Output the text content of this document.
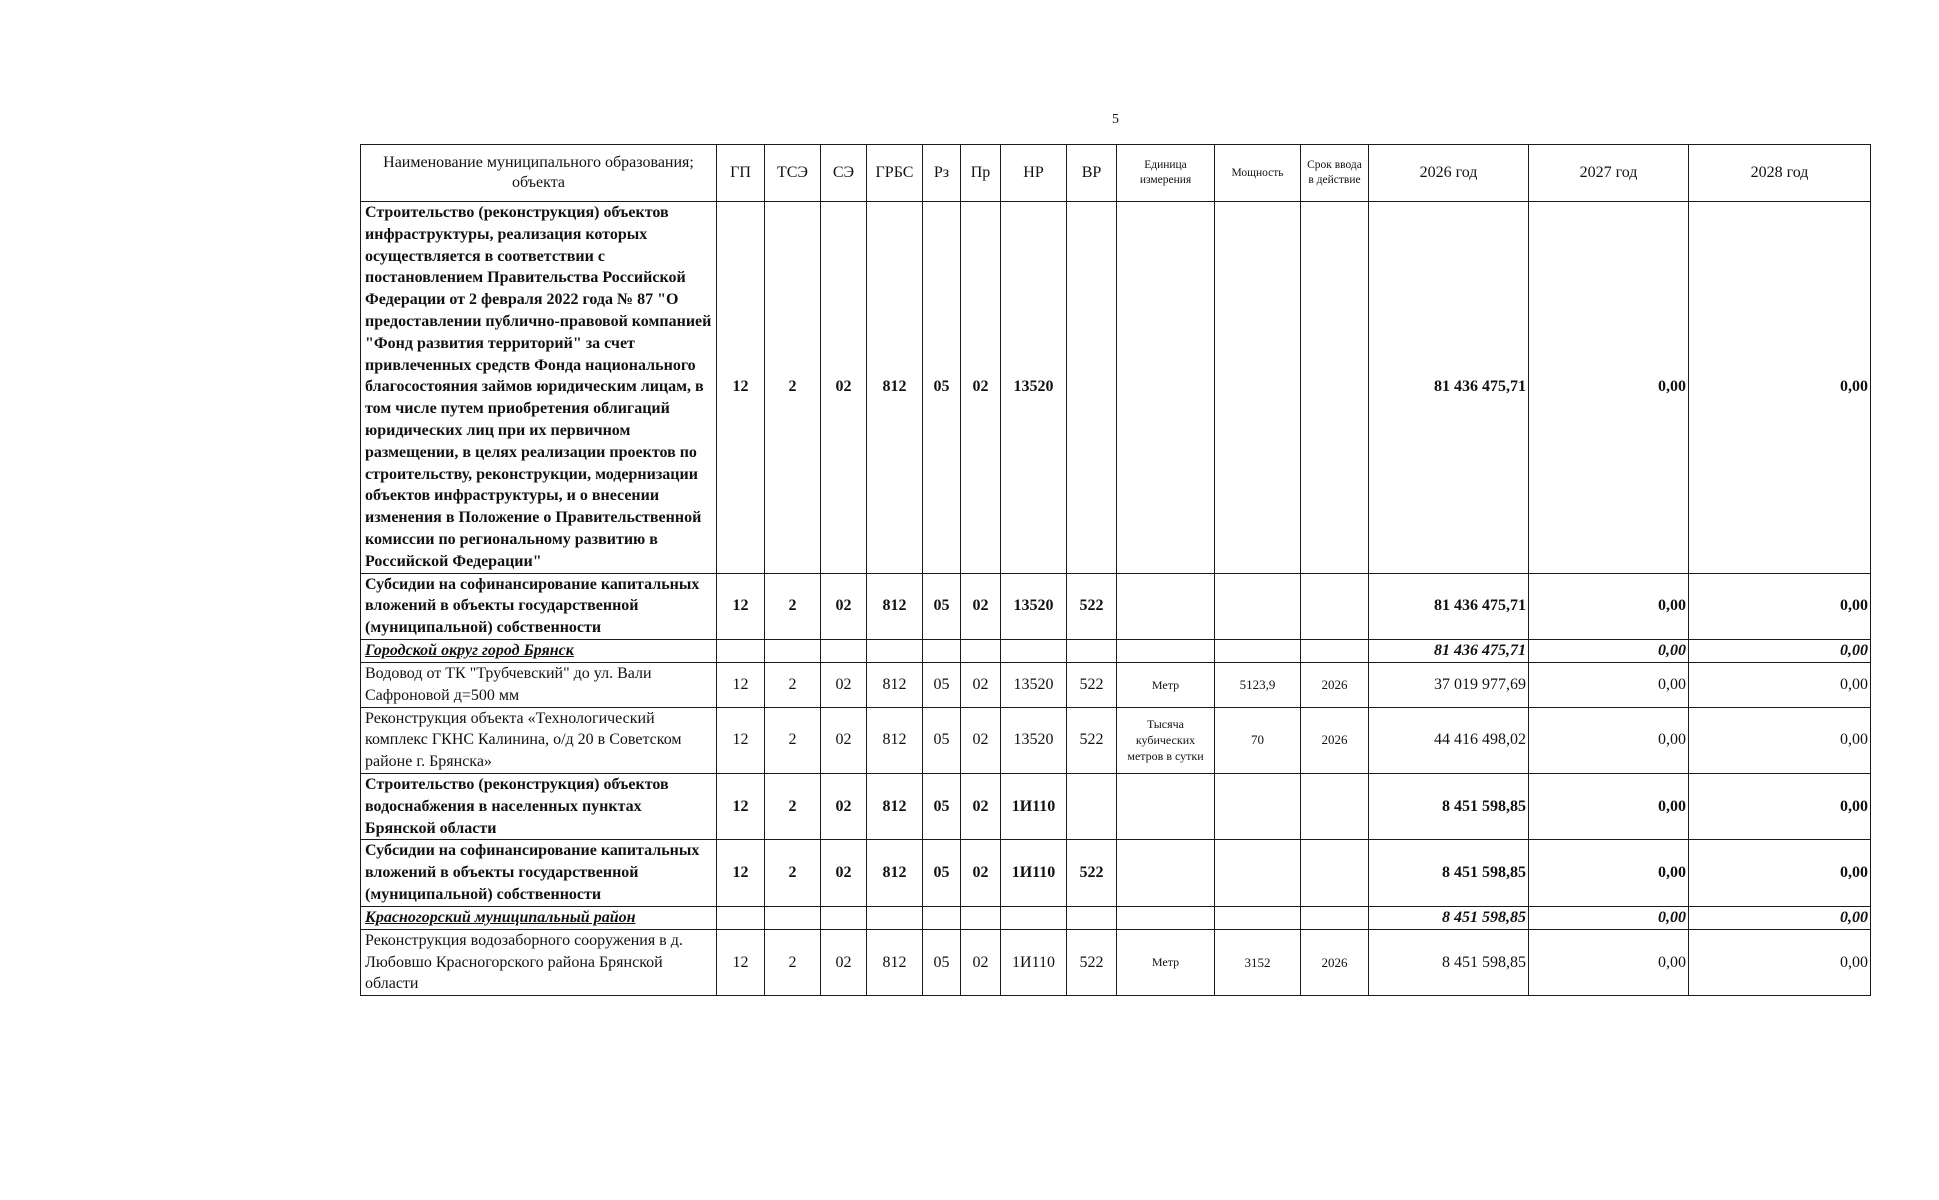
5
Наименование муниципального образования; объекта	ГП	ТСЭ	СЭ	ГРБС	Рз	Пр	НР	ВР	Единица измерения	Мощность	Срок ввода в действие	2026 год	2027 год	2028 год
Строительство (реконструкция) объектов инфраструктуры, реализация которых осуществляется в соответствии с постановлением Правительства Российской Федерации от 2 февраля 2022 года № 87 "О предоставлении публично-правовой компанией "Фонд развития территорий" за счет привлеченных средств Фонда национального благосостояния займов юридическим лицам, в том числе путем приобретения облигаций юридических лиц при их первичном размещении, в целях реализации проектов по строительству, реконструкции, модернизации объектов инфраструктуры, и о внесении изменения в Положение о Правительственной комиссии по региональному развитию в Российской Федерации"	12	2	02	812	05	02	13520					81 436 475,71	0,00	0,00
Субсидии на софинансирование капитальных вложений в объекты государственной (муниципальной) собственности	12	2	02	812	05	02	13520	522				81 436 475,71	0,00	0,00
Городской округ город Брянск												81 436 475,71	0,00	0,00
Водовод от ТК "Трубчевский" до ул. Вали Сафроновой д=500 мм	12	2	02	812	05	02	13520	522	Метр	5123,9	2026	37 019 977,69	0,00	0,00
Реконструкция объекта «Технологический комплекс ГКНС Калинина, о/д 20 в Советском районе г. Брянска»	12	2	02	812	05	02	13520	522	Тысяча кубических метров в сутки	70	2026	44 416 498,02	0,00	0,00
Строительство (реконструкция) объектов водоснабжения в населенных пунктах Брянской области	12	2	02	812	05	02	1И110					8 451 598,85	0,00	0,00
Субсидии на софинансирование капитальных вложений в объекты государственной (муниципальной) собственности	12	2	02	812	05	02	1И110	522				8 451 598,85	0,00	0,00
Красногорский муниципальный район												8 451 598,85	0,00	0,00
Реконструкция водозаборного сооружения в д. Любовшо Красногорского района Брянской области	12	2	02	812	05	02	1И110	522	Метр	3152	2026	8 451 598,85	0,00	0,00
